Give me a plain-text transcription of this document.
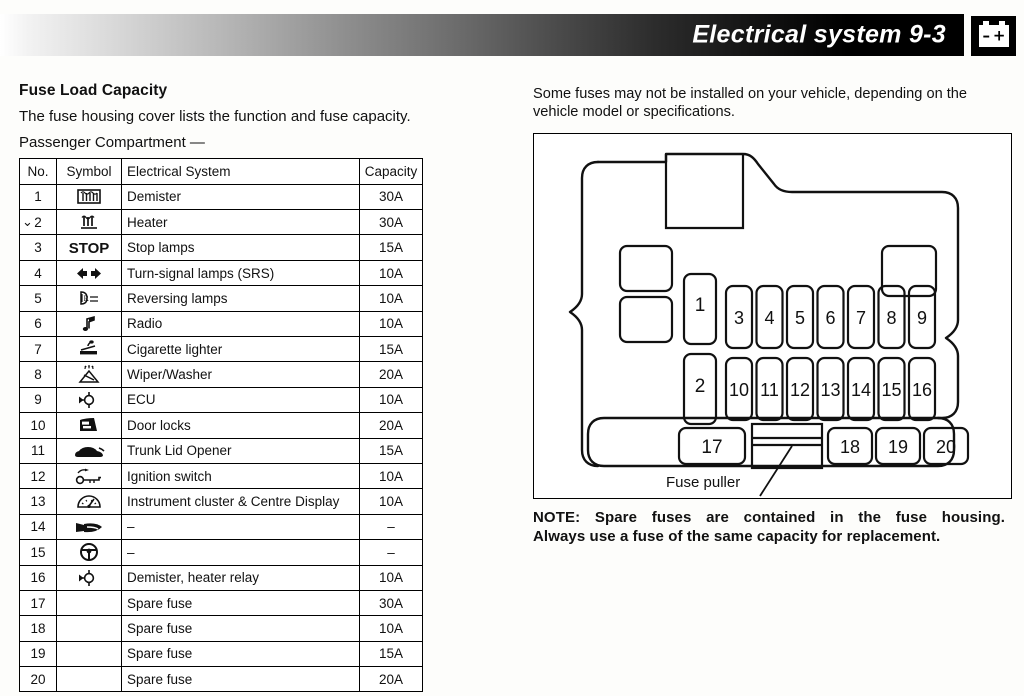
Electrical system 9-3 – +
Fuse Load Capacity

The fuse housing cover lists the function and fuse capacity.

Passenger Compartment —

No.	Symbol	Electrical System	Capacity
1		Demister	30A

⌄ 2		Heater	30A
3	STOP	Stop lamps	15A
4		Turn-signal lamps (SRS)	10A
5	R	Reversing lamps	10A
6		Radio	10A
7		Cigarette lighter	15A
8		Wiper/Washer	20A
9		ECU	10A
10		Door locks	20A
11		Trunk Lid Opener	15A
12		Ignition switch	10A
13		Instrument cluster & Centre Display	10A
14		–	–
15		–	–
16		Demister, heater relay	10A
17		Spare fuse	30A
18		Spare fuse	10A
19		Spare fuse	15A
20		Spare fuse	20A

Some fuses may not be installed on your vehicle, depending on the vehicle model or specifications.

1
2
3 4 5 6 7 8 9
10 11 12 13 14 15 16
17	18 19 20
Fuse puller
NOTE: Spare fuses are contained in the fuse housing.
Always use a fuse of the same capacity for replacement.
